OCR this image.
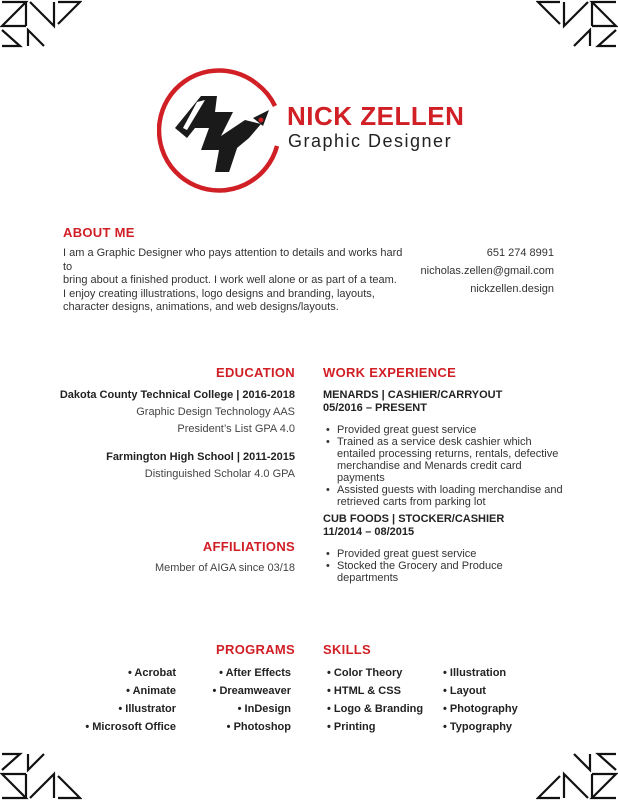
NICK ZELLEN
Graphic Designer
ABOUT ME
I am a Graphic Designer who pays attention to details and works hard to
bring about a finished product. I work well alone or as part of a team.
I enjoy creating illustrations, logo designs and branding, layouts,
character designs, animations, and web designs/layouts.
651 274 8991
nicholas.zellen@gmail.com
nickzellen.design
EDUCATION
Dakota County Technical College | 2016-2018
Graphic Design Technology AAS
President’s List GPA 4.0
Farmington High School | 2011-2015
Distinguished Scholar 4.0 GPA
AFFILIATIONS
Member of AIGA since 03/18
WORK EXPERIENCE
MENARDS | CASHIER/CARRYOUT
05/2016 – PRESENT
• Provided great guest service
• Trained as a service desk cashier which
entailed processing returns, rentals, defective
merchandise and Menards credit card payments
• Assisted guests with loading merchandise and
retrieved carts from parking lot
CUB FOODS | STOCKER/CASHIER
11/2014 – 08/2015
• Provided great guest service
• Stocked the Grocery and Produce departments
PROGRAMS
• Acrobat
• Animate
• Illustrator
• Microsoft Office
• After Effects
• Dreamweaver
• InDesign
• Photoshop
SKILLS
• Color Theory
• HTML & CSS
• Logo & Branding
• Printing
• Illustration
• Layout
• Photography
• Typography
